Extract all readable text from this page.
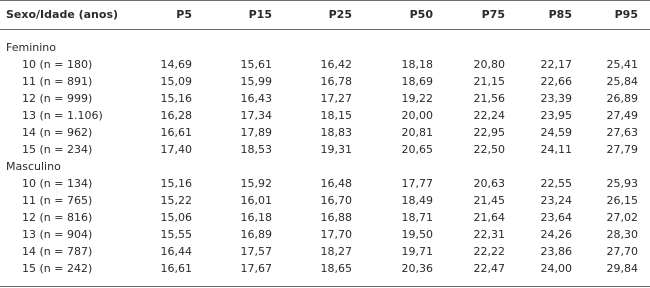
Sexo/Idade (anos)	P5	P15	P25	P50	P75	P85	P95
Feminino
10 (n = 180)	14,69	15,61	16,42	18,18	20,80	22,17	25,41
11 (n = 891)	15,09	15,99	16,78	18,69	21,15	22,66	25,84
12 (n = 999)	15,16	16,43	17,27	19,22	21,56	23,39	26,89
13 (n = 1.106)	16,28	17,34	18,15	20,00	22,24	23,95	27,49
14 (n = 962)	16,61	17,89	18,83	20,81	22,95	24,59	27,63
15 (n = 234)	17,40	18,53	19,31	20,65	22,50	24,11	27,79
Masculino
10 (n = 134)	15,16	15,92	16,48	17,77	20,63	22,55	25,93
11 (n = 765)	15,22	16,01	16,70	18,49	21,45	23,24	26,15
12 (n = 816)	15,06	16,18	16,88	18,71	21,64	23,64	27,02
13 (n = 904)	15,55	16,89	17,70	19,50	22,31	24,26	28,30
14 (n = 787)	16,44	17,57	18,27	19,71	22,22	23,86	27,70
15 (n = 242)	16,61	17,67	18,65	20,36	22,47	24,00	29,84
